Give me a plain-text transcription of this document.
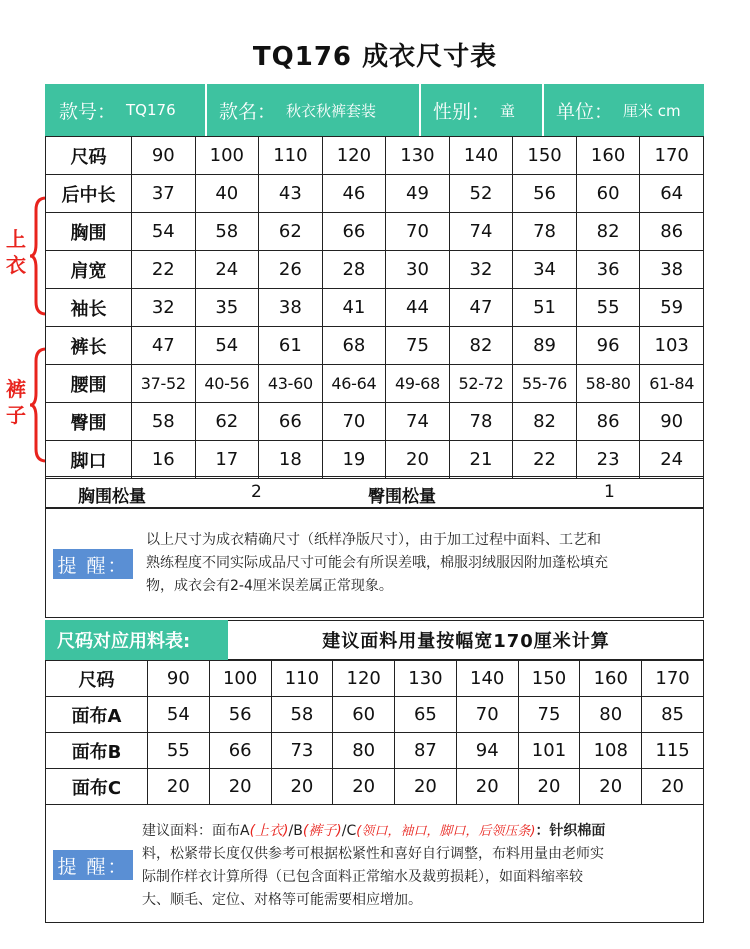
TQ176 成衣尺寸表
款号： TQ176 款名： 秋衣秋裤套装	性别： 童 单位： 厘米 cm
上衣
裤子
尺码	90	100	110	120	130	140	150	160	170
后中长	37	40	43	46	49	52	56	60	64
胸围	54	58	62	66	70	74	78	82	86
肩宽	22	24	26	28	30	32	34	36	38
袖长	32	35	38	41	44	47	51	55	59
裤长	47	54	61	68	75	82	89	96	103
腰围	37-52	40-56	43-60	46-64	49-68	52-72	55-76	58-80	61-84
臀围	58	62	66	70	74	78	82	86	90
脚口	16	17	18	19	20	21	22	23	24
胸围松量	2	臀围松量	1
提 醒：
以上尺寸为成衣精确尺寸（纸样净版尺寸），由于加工过程中面料、工艺和
熟练程度不同实际成品尺寸可能会有所误差哦，棉服羽绒服因附加蓬松填充
物，成衣会有2-4厘米误差属正常现象。
尺码对应用料表:	建议面料用量按幅宽170厘米计算
尺码	90	100	110	120	130	140	150	160	170
面布A	54	56	58	60	65	70	75	80	85
面布B	55	66	73	80	87	94	101	108	115
面布C	20	20	20	20	20	20	20	20	20
提 醒：
建议面料：面布A(上衣)/B(裤子)/C(领口，袖口，脚口，后领压条)：针织棉面
料，松紧带长度仅供参考可根据松紧性和喜好自行调整，布料用量由老师实
际制作样衣计算所得（已包含面料正常缩水及裁剪损耗），如面料缩率较
大、顺毛、定位、对格等可能需要相应增加。
